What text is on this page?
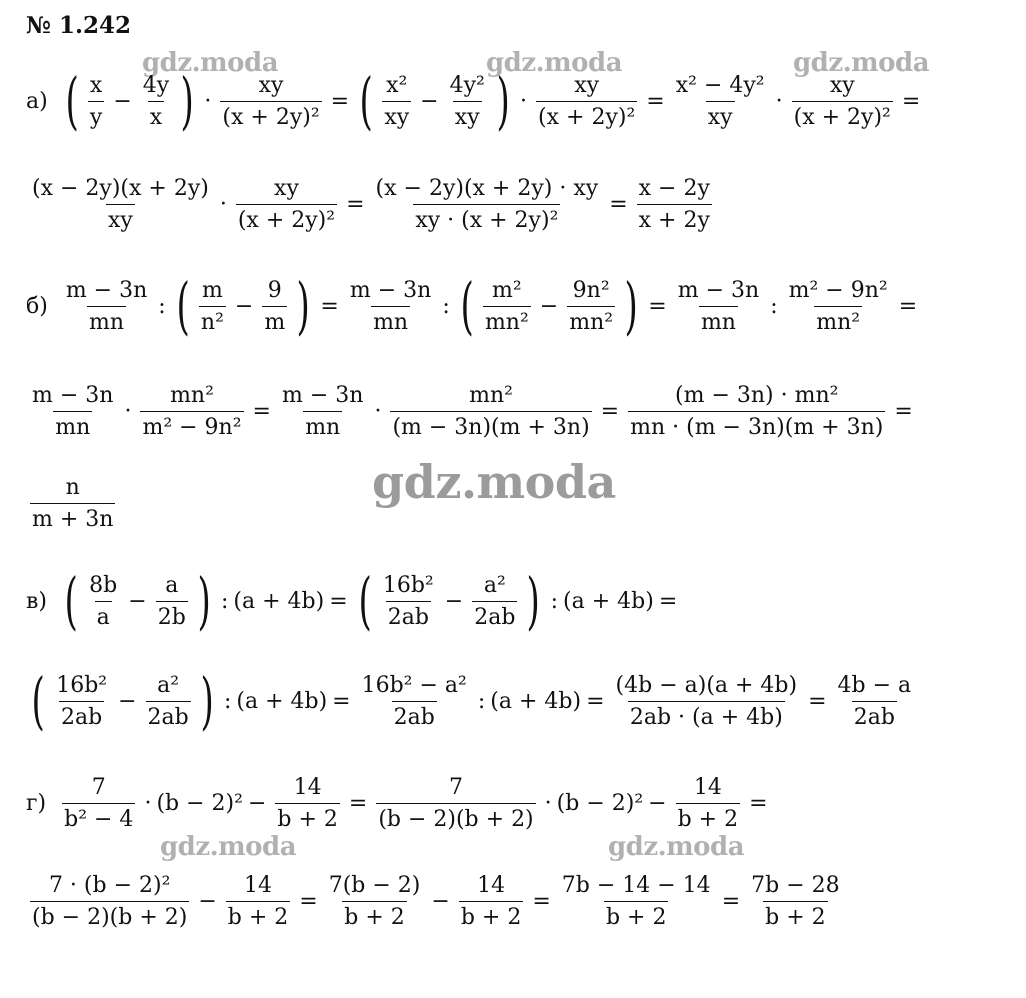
№ 1.242
gdz.moda	gdz.moda	gdz.moda
gdz.moda
gdz.moda	gdz.moda
а) ( $\frac{x}{y} - \frac{4y}{x}$ ) · $\frac{xy}{\text{(x + 2y)²}}$ = ( $\frac{\text{x²}}{xy} - \frac{\text{4y²}}{xy}$ ) · $\frac{xy}{\text{(x + 2y)²}} = \frac{\text{x² − 4y²}}{xy} \cdot \frac{xy}{\text{(x + 2y)²}}$ =
$\frac{(x - 2y)(x + 2y)}{xy} \cdot \frac{xy}{\text{(x + 2y)²}} = \frac{(x - 2y)(x + 2y) \cdot xy}{\text{xy · (x + 2y)²}} = \frac{x - 2y}{x + 2y}$
$б) \frac{m - 3n}{mn}$ : ( $\frac{m}{\text{n²}} - \frac{9}{m}$ ) = $\frac{m - 3n}{mn}$ : ( $\frac{\text{m²}}{\text{mn²}} - \frac{\text{9n²}}{\text{mn²}}$ ) = $\frac{m - 3n}{mn}$ : $\frac{\text{m² − 9n²}}{\text{mn²}}$ =
$\frac{m - 3n}{mn} \cdot \frac{\text{mn²}}{\text{m² − 9n²}} = \frac{m - 3n}{mn} \cdot \frac{\text{mn²}}{(m - 3n)(m + 3n)} = \frac{\text{(m − 3n) · mn²}}{mn \cdot (m - 3n)(m + 3n)}$ =
$\frac{n}{m + 3n}$
в) ( $\frac{8b}{a} - \frac{a}{2b}$ ) : (a + 4b) = ( $\frac{\text{16b²}}{2ab} - \frac{\text{a²}}{2ab}$ ) : (a + 4b) =
( $\frac{\text{16b²}}{2ab} - \frac{\text{a²}}{2ab}$ ) : $(a + 4b) = \frac{\text{16b² − a²}}{2ab}$ : $(a + 4b) = \frac{(4b - a)(a + 4b)}{2ab \cdot (a + 4b)} = \frac{4b - a}{2ab}$
$г) \frac{7}{\text{b² − 4}} \cdot (b - 2)^2 - \frac{14}{b + 2} = \frac{7}{(b - 2)(b + 2)} \cdot (b - 2)^2 - \frac{14}{b + 2}$ =
$\frac{\text{7 · (b − 2)²}}{(b - 2)(b + 2)} - \frac{14}{b + 2} = \frac{7(b - 2)}{b + 2} - \frac{14}{b + 2} = \frac{7b - 14 - 14}{b + 2} = \frac{7b - 28}{b + 2}$
